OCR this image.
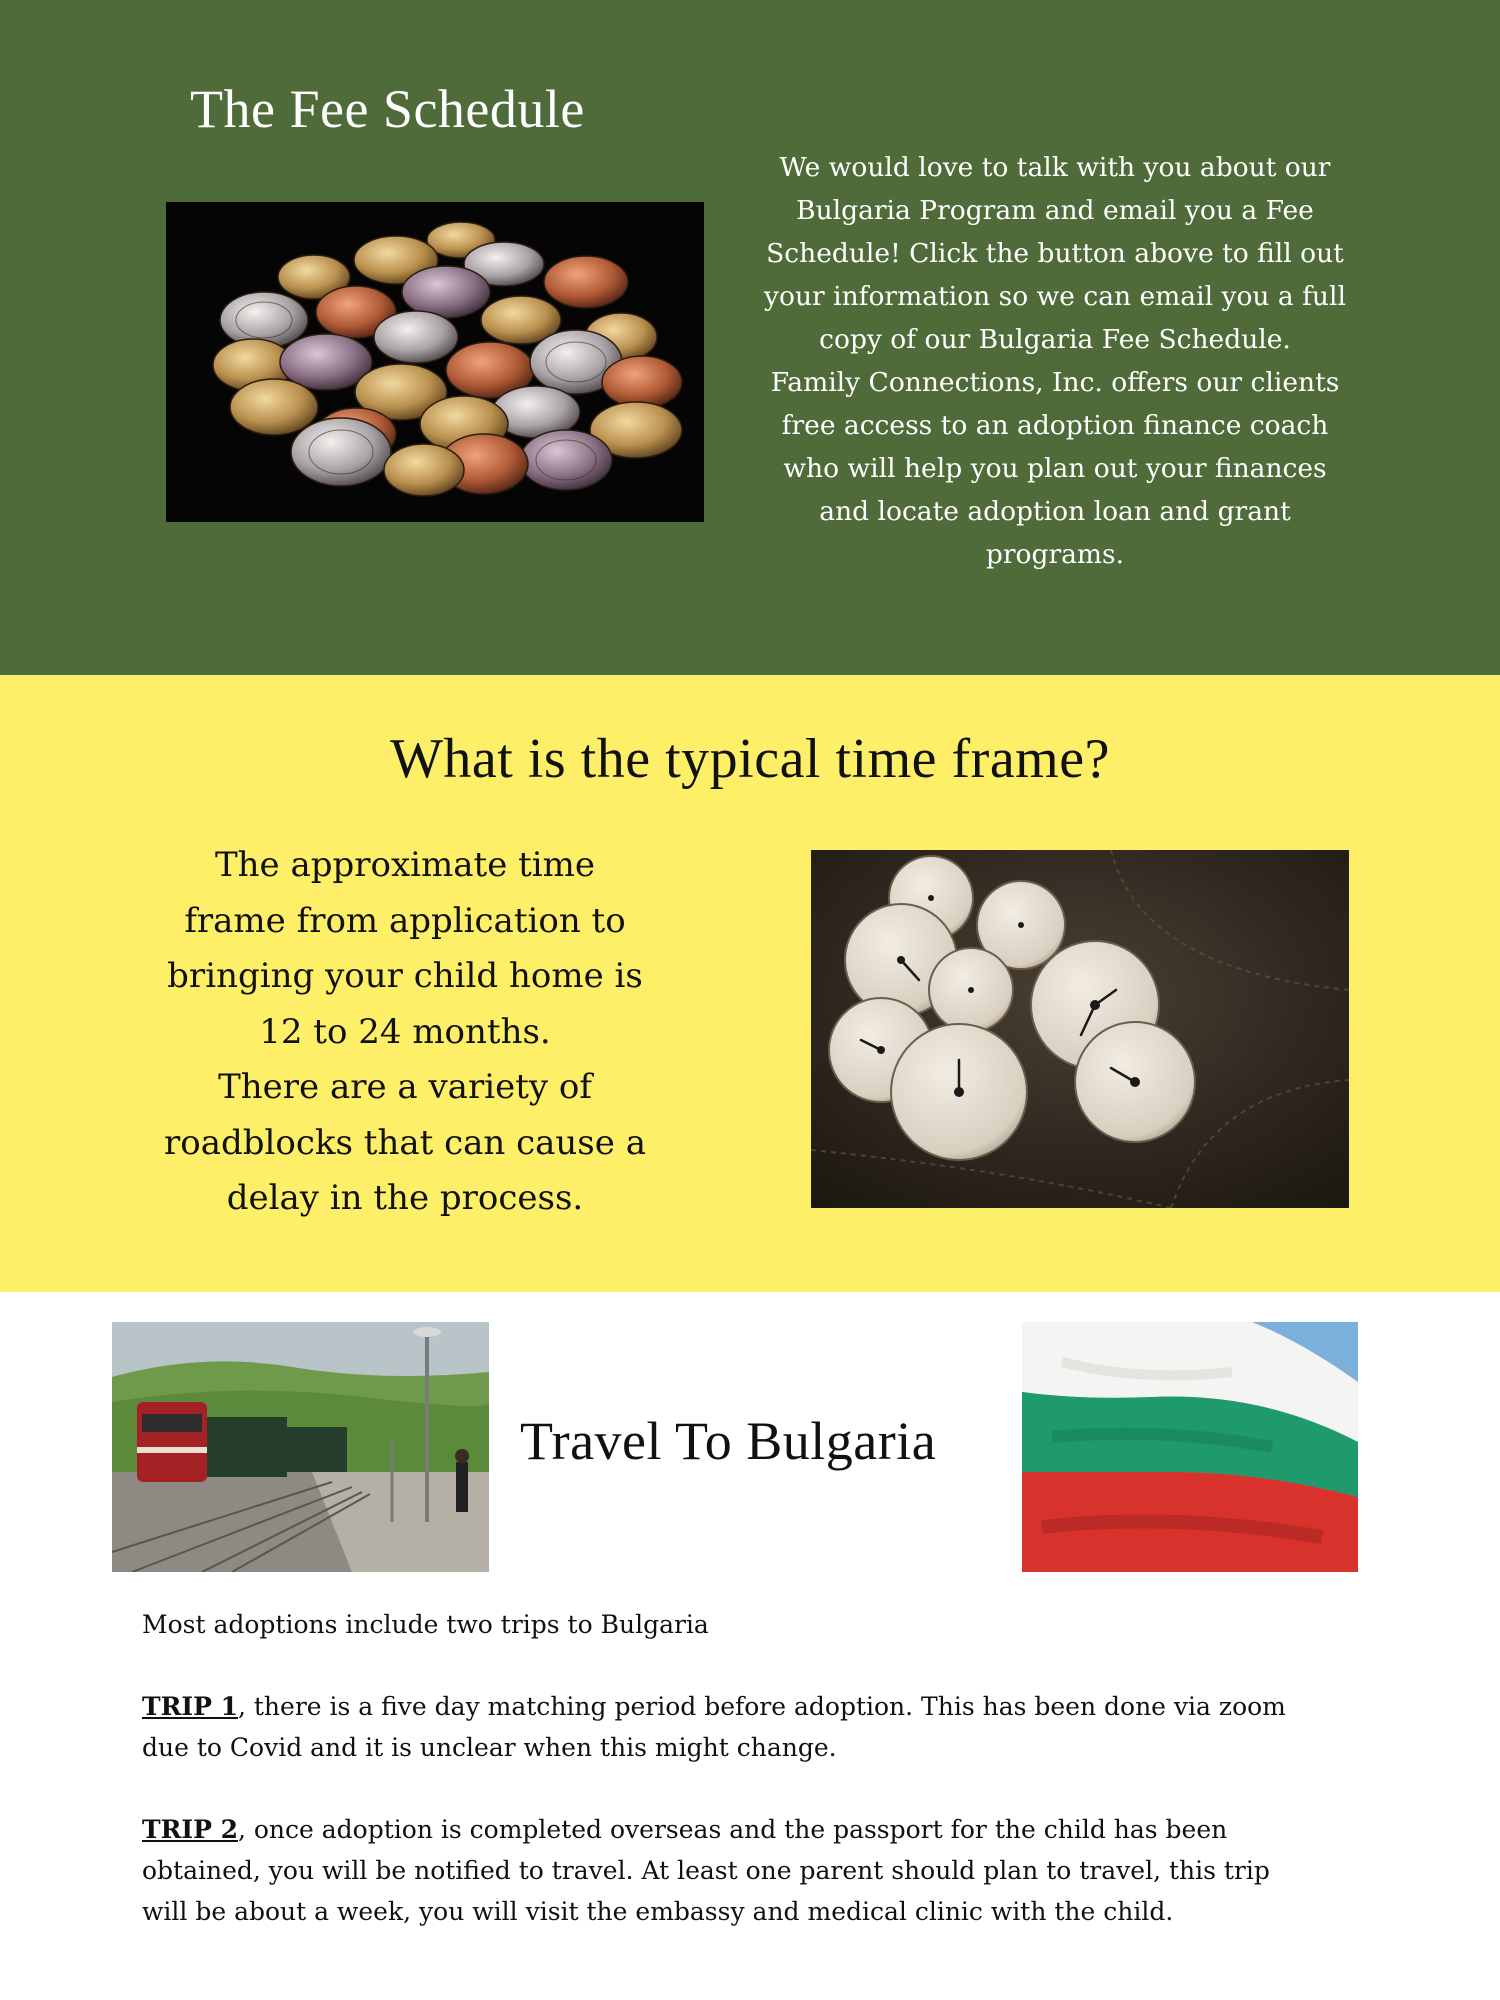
The Fee Schedule
We would love to talk with you about our
Bulgaria Program and email you a Fee
Schedule! Click the button above to fill out
your information so we can email you a full
copy of our Bulgaria Fee Schedule.
Family Connections, Inc. offers our clients
free access to an adoption finance coach
who will help you plan out your finances
and locate adoption loan and grant
programs.
What is the typical time frame?
The approximate time
frame from application to
bringing your child home is
12 to 24 months.
There are a variety of
roadblocks that can cause a
delay in the process.
Travel To Bulgaria

Most adoptions include two trips to Bulgaria

TRIP 1, there is a five day matching period before adoption. This has been done via zoom

due to Covid and it is unclear when this might change.

TRIP 2, once adoption is completed overseas and the passport for the child has been

obtained, you will be notified to travel. At least one parent should plan to travel, this trip

will be about a week, you will visit the embassy and medical clinic with the child.
